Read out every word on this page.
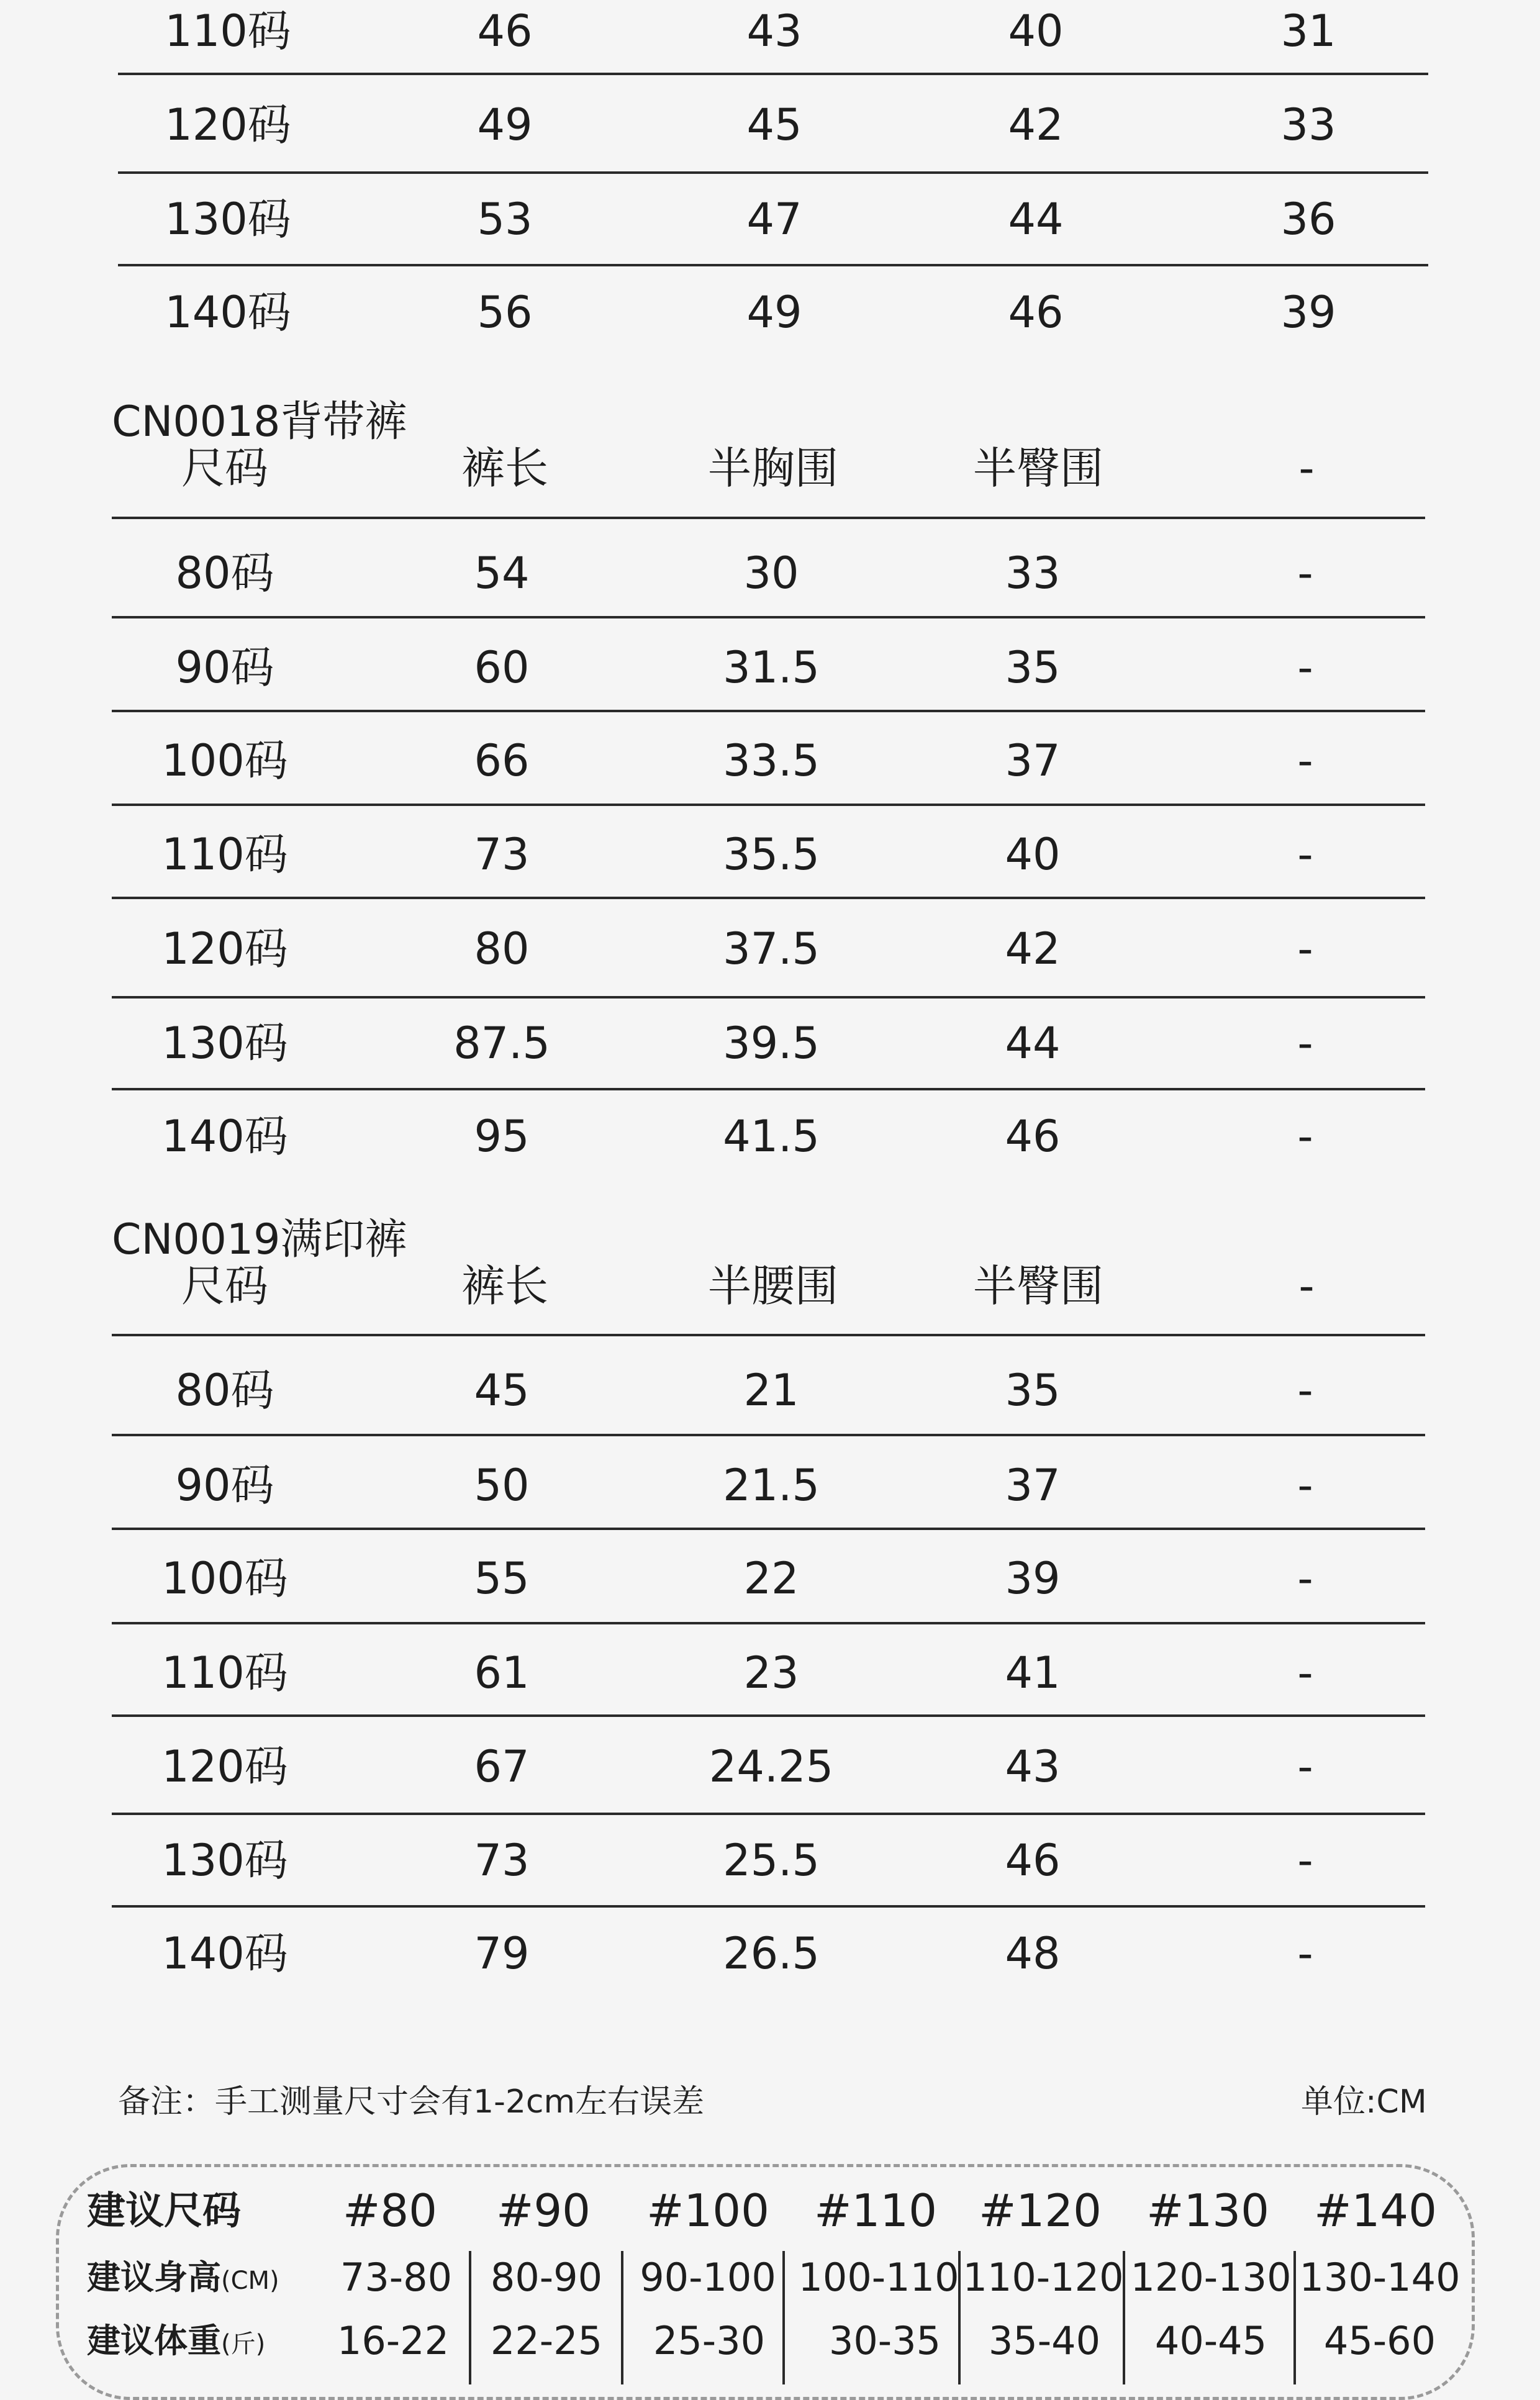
110码	46	43	40	31
120码	49	45	42	33
130码	53	47	44	36
140码	56	49	46	39
CN0018背带裤
尺码	裤长	半胸围	半臀围	-
80码	54	30	33	-
90码	60	31.5	35	-
100码	66	33.5	37	-
110码	73	35.5	40	-
120码	80	37.5	42	-
130码	87.5	39.5	44	-
140码	95	41.5	46	-
CN0019满印裤
尺码	裤长	半腰围	半臀围	-
80码	45	21	35	-
90码	50	21.5	37	-
100码	55	22	39	-
110码	61	23	41	-
120码	67	24.25	43	-
130码	73	25.5	46	-
140码	79	26.5	48	-
备注：手工测量尺寸会有1-2cm左右误差	单位:CM
建议尺码 #80 #90 #100 #110 #120 #130 #140
建议身高(CM) 73-80 80-90 90-100 100-110 110-120 120-130 130-140
建议体重(斤) 16-22 22-25 25-30 30-35 35-40 40-45 45-60
